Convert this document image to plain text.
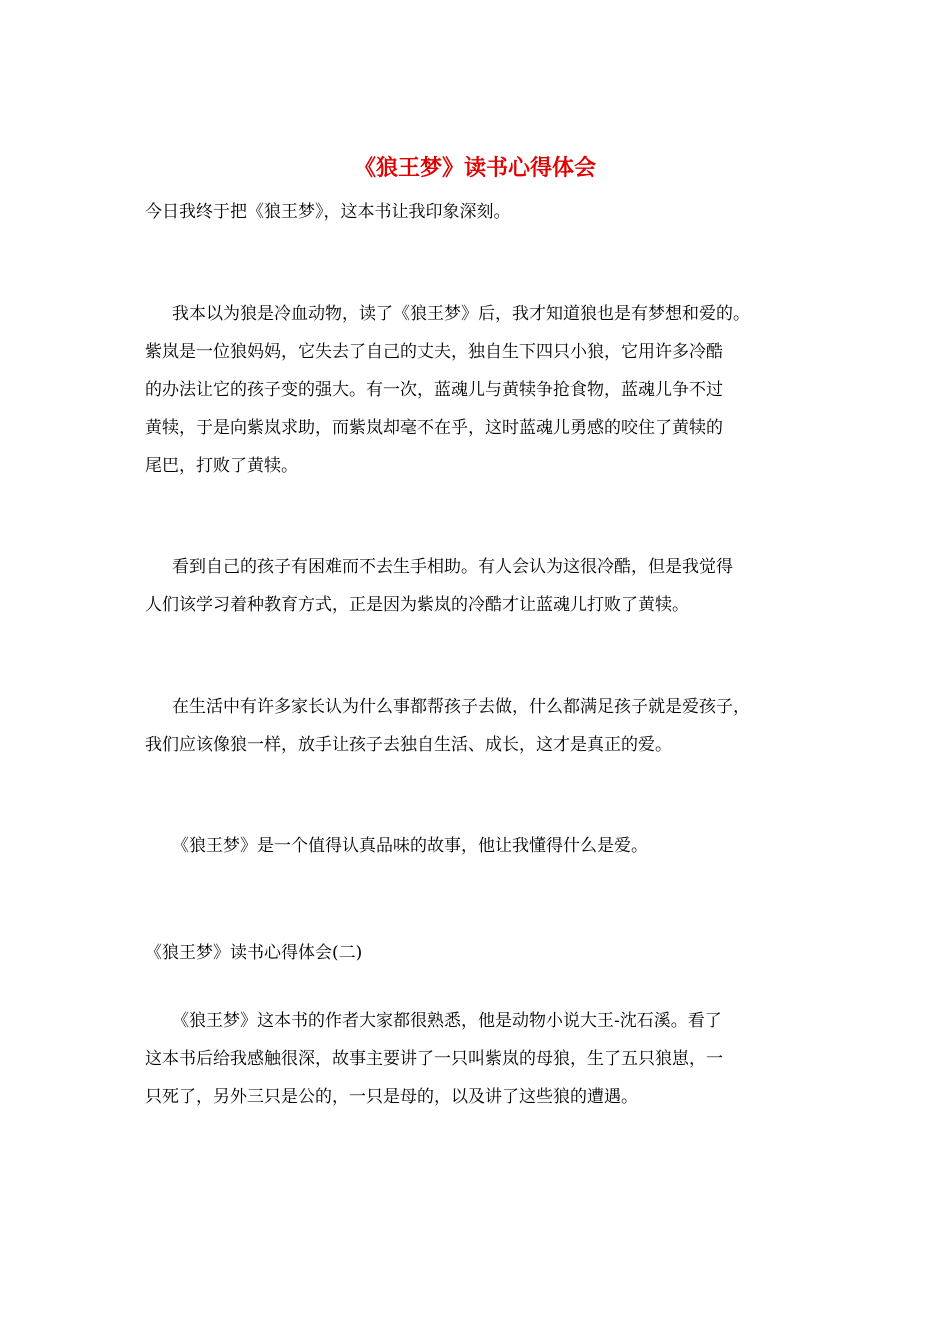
《狼王梦》读书心得体会
今日我终于把《狼王梦》，这本书让我印象深刻。
我本以为狼是冷血动物，读了《狼王梦》后，我才知道狼也是有梦想和爱的。
紫岚是一位狼妈妈，它失去了自己的丈夫，独自生下四只小狼，它用许多冷酷
的办法让它的孩子变的强大。有一次，蓝魂儿与黄犊争抢食物，蓝魂儿争不过
黄犊，于是向紫岚求助，而紫岚却毫不在乎，这时蓝魂儿勇感的咬住了黄犊的
尾巴，打败了黄犊。
看到自己的孩子有困难而不去生手相助。有人会认为这很冷酷，但是我觉得
人们该学习着种教育方式，正是因为紫岚的冷酷才让蓝魂儿打败了黄犊。
在生活中有许多家长认为什么事都帮孩子去做，什么都满足孩子就是爱孩子，
我们应该像狼一样，放手让孩子去独自生活、成长，这才是真正的爱。
《狼王梦》是一个值得认真品味的故事，他让我懂得什么是爱。
《狼王梦》读书心得体会(二)
《狼王梦》这本书的作者大家都很熟悉，他是动物小说大王-沈石溪。看了
这本书后给我感触很深，故事主要讲了一只叫紫岚的母狼，生了五只狼崽，一
只死了，另外三只是公的，一只是母的，以及讲了这些狼的遭遇。
